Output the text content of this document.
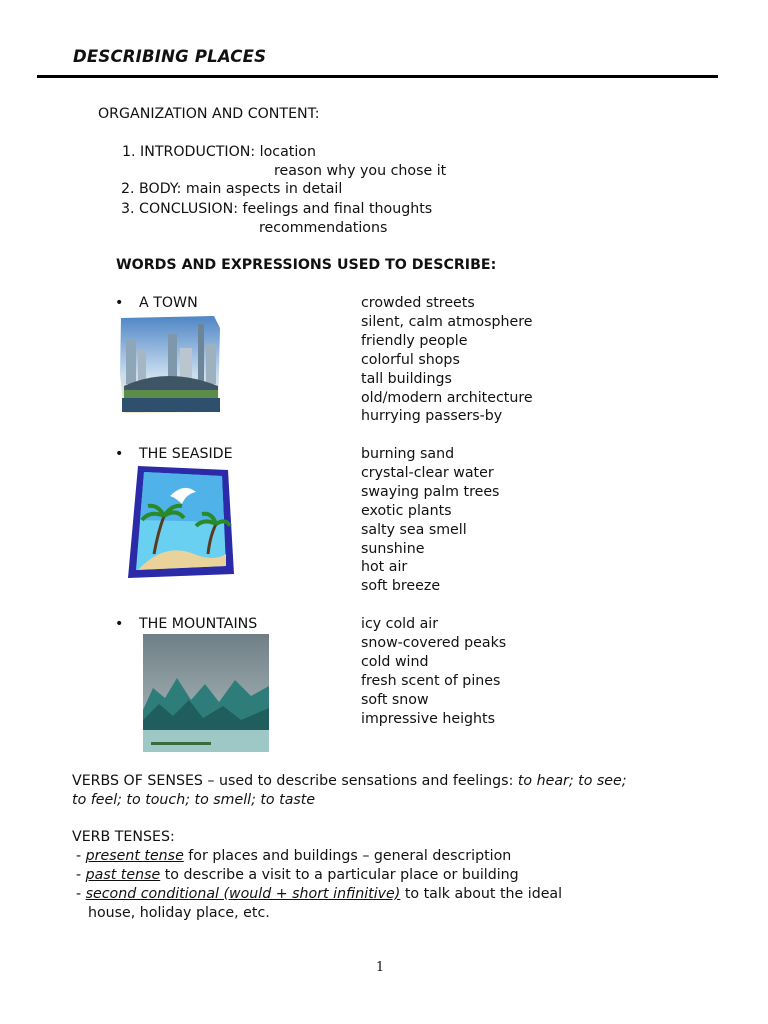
DESCRIBING PLACES
ORGANIZATION AND CONTENT:
1. INTRODUCTION: location
reason why you chose it
2. BODY: main aspects in detail
3. CONCLUSION: feelings and final thoughts
recommendations
WORDS AND EXPRESSIONS USED TO DESCRIBE:
• A TOWN	crowded streets
silent, calm atmosphere
friendly people
colorful shops
tall buildings
old/modern architecture
hurrying passers-by
• THE SEASIDE	burning sand
crystal-clear water
swaying palm trees
exotic plants
salty sea smell
sunshine
hot air
soft breeze
• THE MOUNTAINS	icy cold air
snow-covered peaks
cold wind
fresh scent of pines
soft snow
impressive heights
VERBS OF SENSES – used to describe sensations and feelings: to hear; to see;
to feel; to touch; to smell; to taste
VERB TENSES:
- present tense for places and buildings – general description
- past tense to describe a visit to a particular place or building
- second conditional (would + short infinitive) to talk about the ideal
house, holiday place, etc.
1
